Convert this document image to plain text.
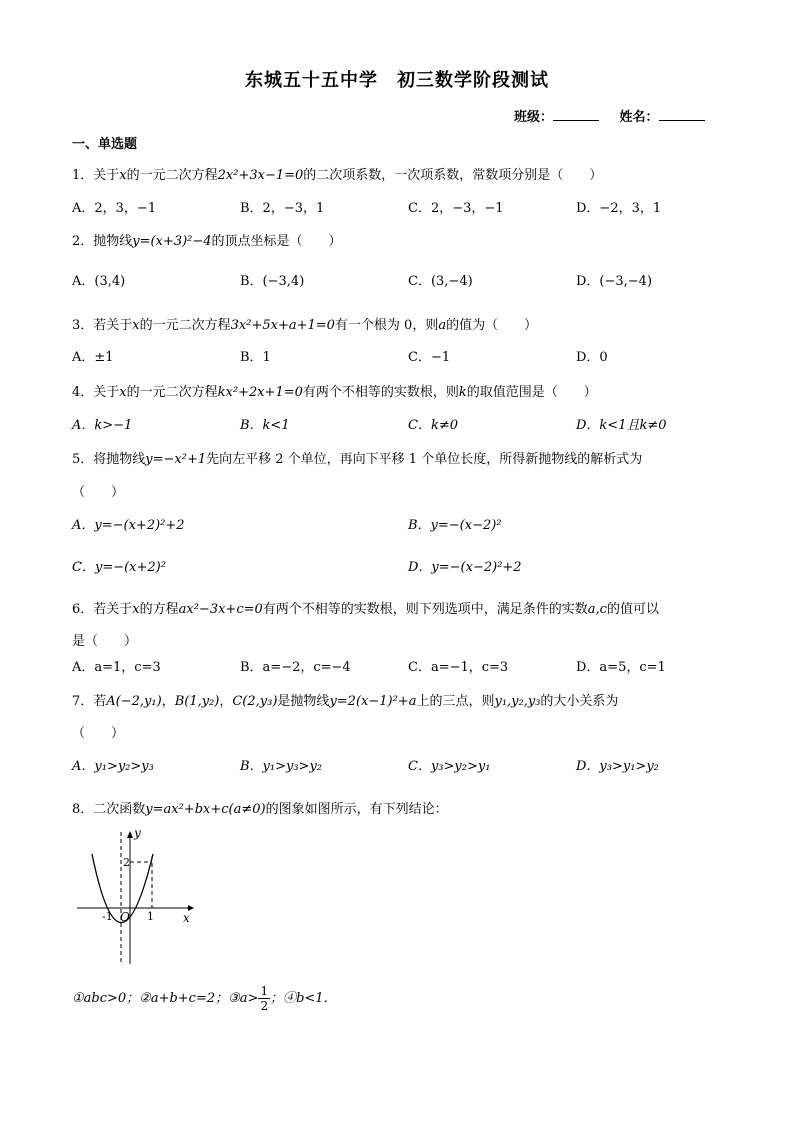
东城五十五中学　初三数学阶段测试
班级：	姓名：
一、单选题
1．关于x的一元二次方程2x²+3x−1=0的二次项系数，一次项系数，常数项分别是（　　）
A．2，3，−1	B．2，−3，1	C．2，−3，−1	D．−2，3，1
2．抛物线y=(x+3)²−4的顶点坐标是（　　）
A．(3,4)	B．(−3,4)	C．(3,−4)	D．(−3,−4)
3．若关于x的一元二次方程3x²+5x+a+1=0有一个根为 0，则a的值为（　　）
A．±1	B．1	C．−1	D．0
4．关于x的一元二次方程kx²+2x+1=0有两个不相等的实数根，则k的取值范围是（　　）
A．k>−1	B．k<1	C．k≠0	D．k<1且k≠0
5．将抛物线y=−x²+1先向左平移 2 个单位，再向下平移 1 个单位长度，所得新抛物线的解析式为
（　　）
A．y=−(x+2)²+2	B．y=−(x−2)²
C．y=−(x+2)²	D．y=−(x−2)²+2
6．若关于x的方程ax²−3x+c=0有两个不相等的实数根，则下列选项中，满足条件的实数a,c的值可以
是（　　）
A．a=1，c=3	B．a=−2，c=−4	C．a=−1，c=3	D．a=5，c=1
7．若A(−2,y₁)，B(1,y₂)，C(2,y₃)是抛物线y=2(x−1)²+a上的三点，则y₁,y₂,y₃的大小关系为
（　　）
A．y₁>y₂>y₃	B．y₁>y₃>y₂	C．y₃>y₂>y₁	D．y₃>y₁>y₂
8．二次函数y=ax²+bx+c(a≠0)的图象如图所示，有下列结论：
y
x
2
-1 O 1
①abc>0；②a+b+c=2；③a> $\frac{1}{2}$ ；④b<1．
